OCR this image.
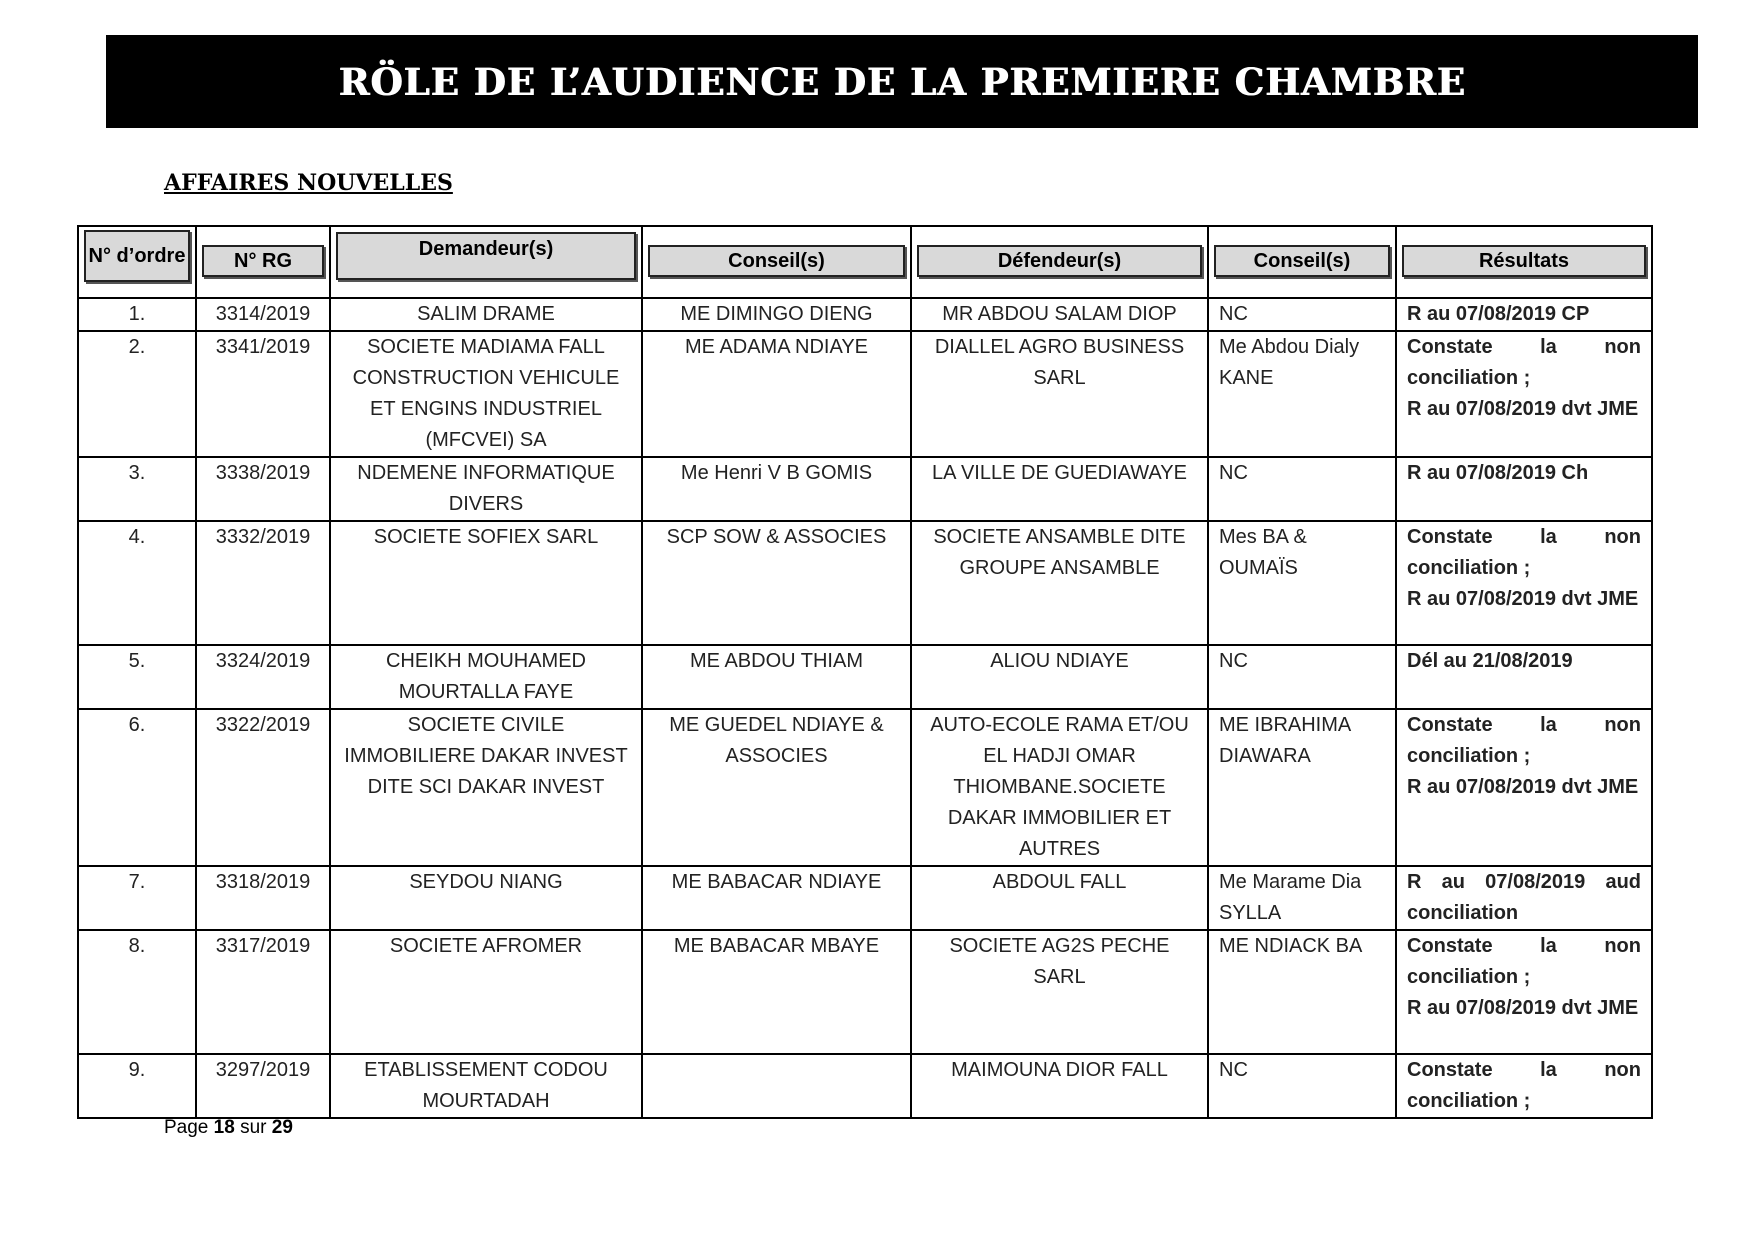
RÖLE DE L’AUDIENCE DE LA PREMIERE CHAMBRE
AFFAIRES NOUVELLES
N° d’ordre	N° RG	Demandeur(s)	Conseil(s)	Défendeur(s)	Conseil(s)	Résultats

1.	3314/2019	SALIM DRAME	ME DIMINGO DIENG	MR ABDOU SALAM DIOP	NC	R au 07/08/2019 CP

2.	3341/2019	SOCIETE MADIAMA FALL CONSTRUCTION VEHICULE ET ENGINS INDUSTRIEL (MFCVEI) SA	ME ADAMA NDIAYE	DIALLEL AGRO BUSINESS SARL	Me Abdou Dialy KANE	Constate la non conciliation ;
R au 07/08/2019 dvt JME

3.	3338/2019	NDEMENE INFORMATIQUE DIVERS	Me Henri V B GOMIS	LA VILLE DE GUEDIAWAYE	NC	R au 07/08/2019 Ch

4.	3332/2019	SOCIETE SOFIEX SARL	SCP SOW & ASSOCIES	SOCIETE ANSAMBLE DITE GROUPE ANSAMBLE	Mes BA & OUMAÏS	Constate la non conciliation ;
R au 07/08/2019 dvt JME

5.	3324/2019	CHEIKH MOUHAMED MOURTALLA FAYE	ME ABDOU THIAM	ALIOU NDIAYE	NC	Dél au 21/08/2019

6.	3322/2019	SOCIETE CIVILE IMMOBILIERE DAKAR INVEST DITE SCI DAKAR INVEST	ME GUEDEL NDIAYE & ASSOCIES	AUTO-ECOLE RAMA ET/OU EL HADJI OMAR THIOMBANE.SOCIETE DAKAR IMMOBILIER ET AUTRES	ME IBRAHIMA DIAWARA	Constate la non conciliation ;
R au 07/08/2019 dvt JME

7.	3318/2019	SEYDOU NIANG	ME BABACAR NDIAYE	ABDOUL FALL	Me Marame Dia SYLLA	R au 07/08/2019 aud conciliation

8.	3317/2019	SOCIETE AFROMER	ME BABACAR MBAYE	SOCIETE AG2S PECHE SARL	ME NDIACK BA	Constate la non conciliation ;
R au 07/08/2019 dvt JME

9.	3297/2019	ETABLISSEMENT CODOU MOURTADAH		MAIMOUNA DIOR FALL	NC	Constate la non conciliation ;
Page 18 sur 29
